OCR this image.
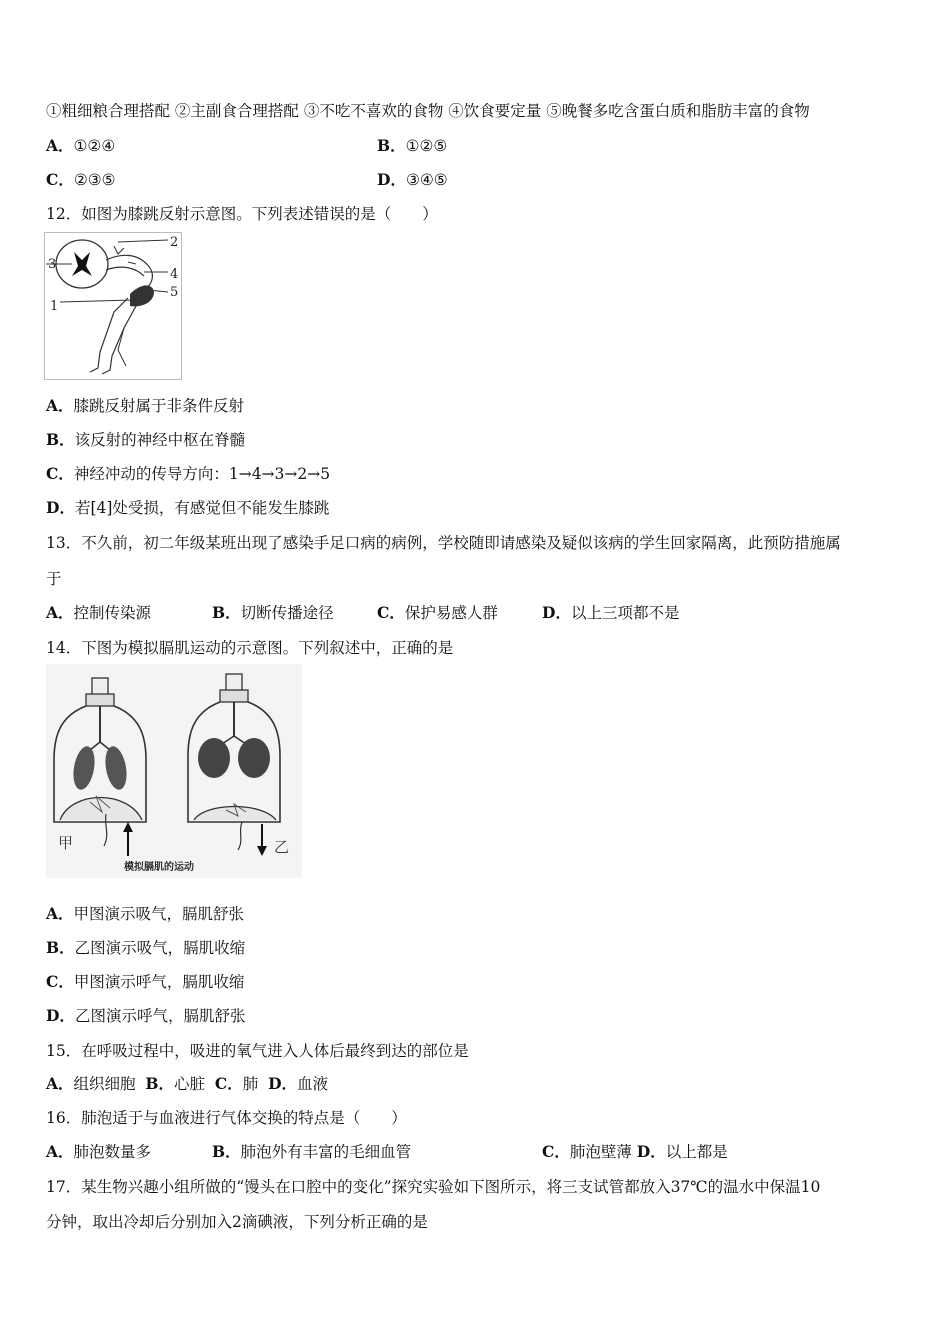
①粗细粮合理搭配 ②主副食合理搭配 ③不吃不喜欢的食物 ④饮食要定量 ⑤晚餐多吃含蛋白质和脂肪丰富的食物
A．①②④	B．①②⑤
C．②③⑤	D．③④⑤
12．如图为膝跳反射示意图。下列表述错误的是（　　）
2
3
4
5
1
A．膝跳反射属于非条件反射
B．该反射的神经中枢在脊髓
C．神经冲动的传导方向：1→4→3→2→5
D．若[4]处受损，有感觉但不能发生膝跳
13．不久前，初二年级某班出现了感染手足口病的病例，学校随即请感染及疑似该病的学生回家隔离，此预防措施属
于
A．控制传染源	B．切断传播途径	C．保护易感人群	D．以上三项都不是
14．下图为模拟膈肌运动的示意图。下列叙述中，正确的是
甲	乙
模拟膈肌的运动
A．甲图演示吸气，膈肌舒张
B．乙图演示吸气，膈肌收缩
C．甲图演示呼气，膈肌收缩
D．乙图演示呼气，膈肌舒张
15．在呼吸过程中，吸进的氧气进入人体后最终到达的部位是
A．组织细胞 B．心脏 C．肺 D．血液
16．肺泡适于与血液进行气体交换的特点是（　　）
A．肺泡数量多	B．肺泡外有丰富的毛细血管	C．肺泡壁薄 D．以上都是
17．某生物兴趣小组所做的“馒头在口腔中的变化”探究实验如下图所示，将三支试管都放入37℃的温水中保温10
分钟，取出冷却后分别加入2滴碘液，下列分析正确的是
